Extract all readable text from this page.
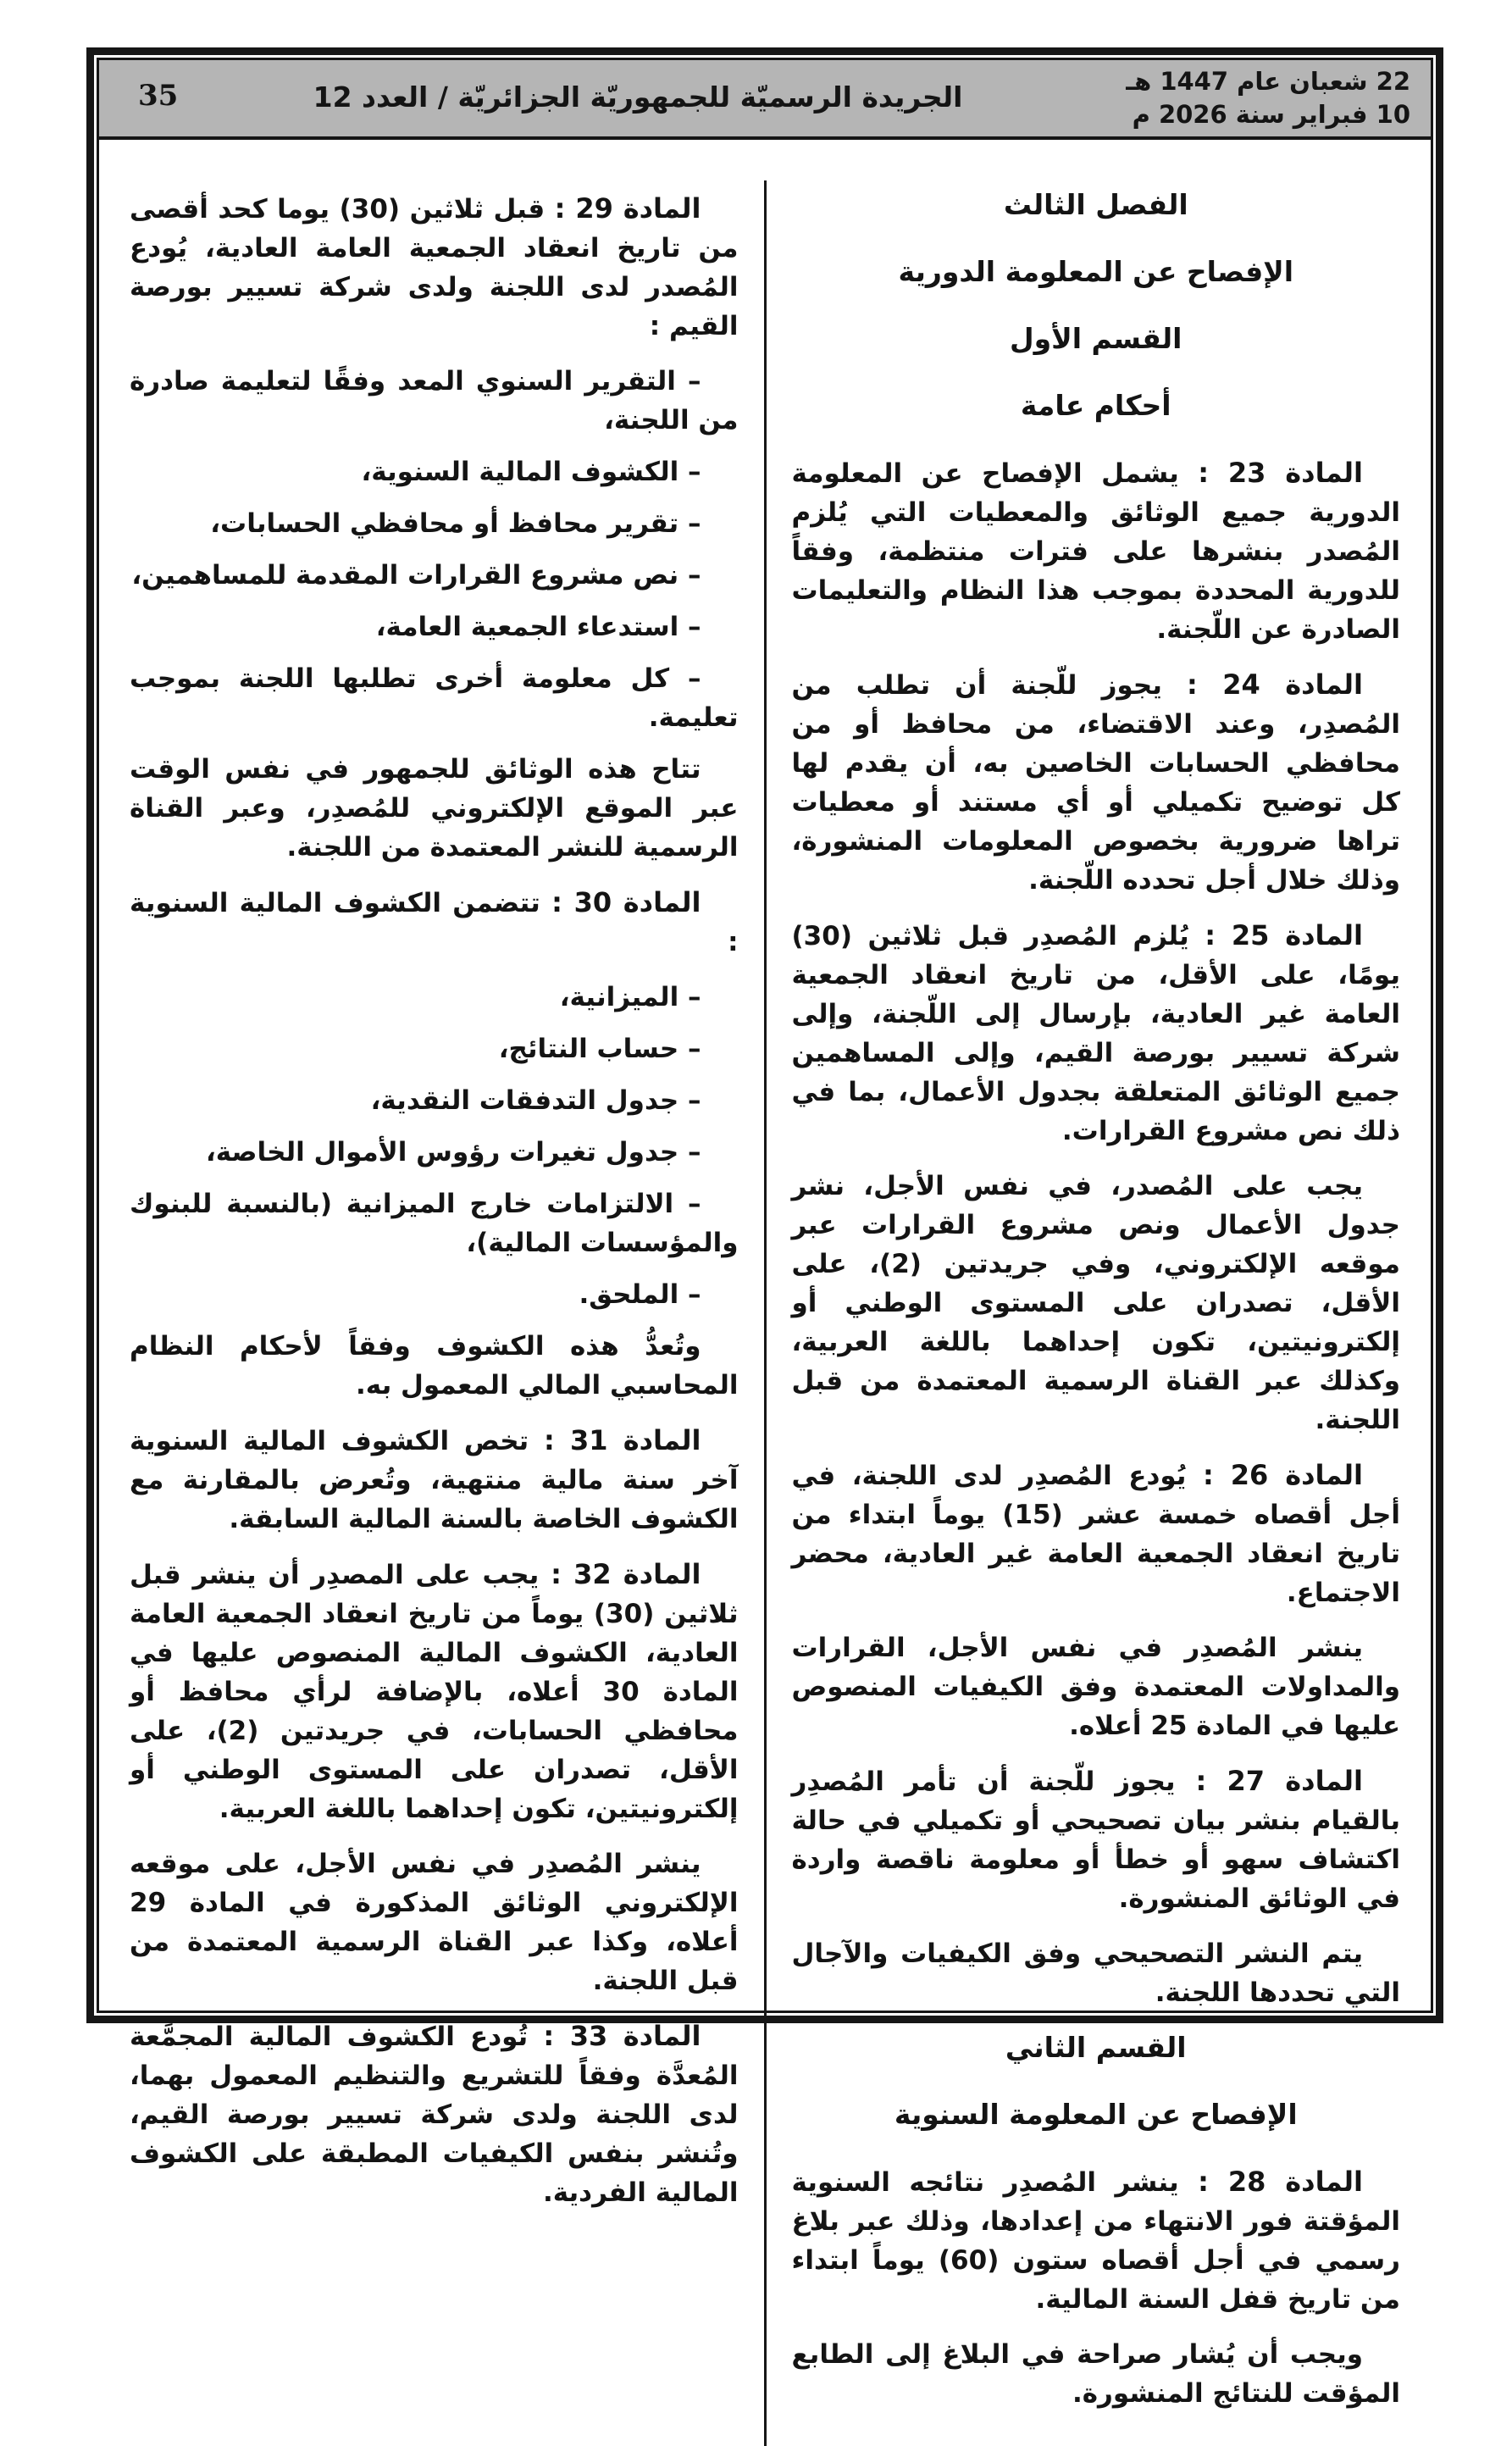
35	الجريدة الرسميّة للجمهوريّة الجزائريّة / العدد 12	22 شعبان عام 1447 هـ
10 فبراير سنة 2026 م
الفصل الثالث
الإفصاح عن المعلومة الدورية
القسم الأول
أحكام عامة
المادة 23 : يشمل الإفصاح عن المعلومة الدورية جميع الوثائق والمعطيات التي يُلزم المُصدر بنشرها على فترات منتظمة، وفقاً للدورية المحددة بموجب هذا النظام والتعليمات الصادرة عن اللّجنة.
المادة 24 : يجوز للّجنة أن تطلب من المُصدِر، وعند الاقتضاء، من محافظ أو من محافظي الحسابات الخاصين به، أن يقدم لها كل توضيح تكميلي أو أي مستند أو معطيات تراها ضرورية بخصوص المعلومات المنشورة، وذلك خلال أجل تحدده اللّجنة.
المادة 25 : يُلزم المُصدِر قبل ثلاثين (30) يومًا، على الأقل، من تاريخ انعقاد الجمعية العامة غير العادية، بإرسال إلى اللّجنة، وإلى شركة تسيير بورصة القيم، وإلى المساهمين جميع الوثائق المتعلقة بجدول الأعمال، بما في ذلك نص مشروع القرارات.
يجب على المُصدر، في نفس الأجل، نشر جدول الأعمال ونص مشروع القرارات عبر موقعه الإلكتروني، وفي جريدتين (2)، على الأقل، تصدران على المستوى الوطني أو إلكترونيتين، تكون إحداهما باللغة العربية، وكذلك عبر القناة الرسمية المعتمدة من قبل اللجنة.
المادة 26 : يُودع المُصدِر لدى اللجنة، في أجل أقصاه خمسة عشر (15) يوماً ابتداء من تاريخ انعقاد الجمعية العامة غير العادية، محضر الاجتماع.
ينشر المُصدِر في نفس الأجل، القرارات والمداولات المعتمدة وفق الكيفيات المنصوص عليها في المادة 25 أعلاه.
المادة 27 : يجوز للّجنة أن تأمر المُصدِر بالقيام بنشر بيان تصحيحي أو تكميلي في حالة اكتشاف سهو أو خطأ أو معلومة ناقصة واردة في الوثائق المنشورة.
يتم النشر التصحيحي وفق الكيفيات والآجال التي تحددها اللجنة.
القسم الثاني
الإفصاح عن المعلومة السنوية
المادة 28 : ينشر المُصدِر نتائجه السنوية المؤقتة فور الانتهاء من إعدادها، وذلك عبر بلاغ رسمي في أجل أقصاه ستون (60) يوماً ابتداء من تاريخ قفل السنة المالية.
ويجب أن يُشار صراحة في البلاغ إلى الطابع المؤقت للنتائج المنشورة.
المادة 29 : قبل ثلاثين (30) يوما كحد أقصى من تاريخ انعقاد الجمعية العامة العادية، يُودع المُصدر لدى اللجنة ولدى شركة تسيير بورصة القيم :
– التقرير السنوي المعد وفقًا لتعليمة صادرة من اللجنة،
– الكشوف المالية السنوية،
– تقرير محافظ أو محافظي الحسابات،
– نص مشروع القرارات المقدمة للمساهمين،
– استدعاء الجمعية العامة،
– كل معلومة أخرى تطلبها اللجنة بموجب تعليمة.
تتاح هذه الوثائق للجمهور في نفس الوقت عبر الموقع الإلكتروني للمُصدِر، وعبر القناة الرسمية للنشر المعتمدة من اللجنة.
المادة 30 : تتضمن الكشوف المالية السنوية :
– الميزانية،
– حساب النتائج،
– جدول التدفقات النقدية،
– جدول تغيرات رؤوس الأموال الخاصة،
– الالتزامات خارج الميزانية (بالنسبة للبنوك والمؤسسات المالية)،
– الملحق.
وتُعدُّ هذه الكشوف وفقاً لأحكام النظام المحاسبي المالي المعمول به.
المادة 31 : تخص الكشوف المالية السنوية آخر سنة مالية منتهية، وتُعرض بالمقارنة مع الكشوف الخاصة بالسنة المالية السابقة.
المادة 32 : يجب على المصدِر أن ينشر قبل ثلاثين (30) يوماً من تاريخ انعقاد الجمعية العامة العادية، الكشوف المالية المنصوص عليها في المادة 30 أعلاه، بالإضافة لرأي محافظ أو محافظي الحسابات، في جريدتين (2)، على الأقل، تصدران على المستوى الوطني أو إلكترونيتين، تكون إحداهما باللغة العربية.
ينشر المُصدِر في نفس الأجل، على موقعه الإلكتروني الوثائق المذكورة في المادة 29 أعلاه، وكذا عبر القناة الرسمية المعتمدة من قبل اللجنة.
المادة 33 : تُودع الكشوف المالية المجمَّعة المُعدَّة وفقاً للتشريع والتنظيم المعمول بهما، لدى اللجنة ولدى شركة تسيير بورصة القيم، وتُنشر بنفس الكيفيات المطبقة على الكشوف المالية الفردية.
